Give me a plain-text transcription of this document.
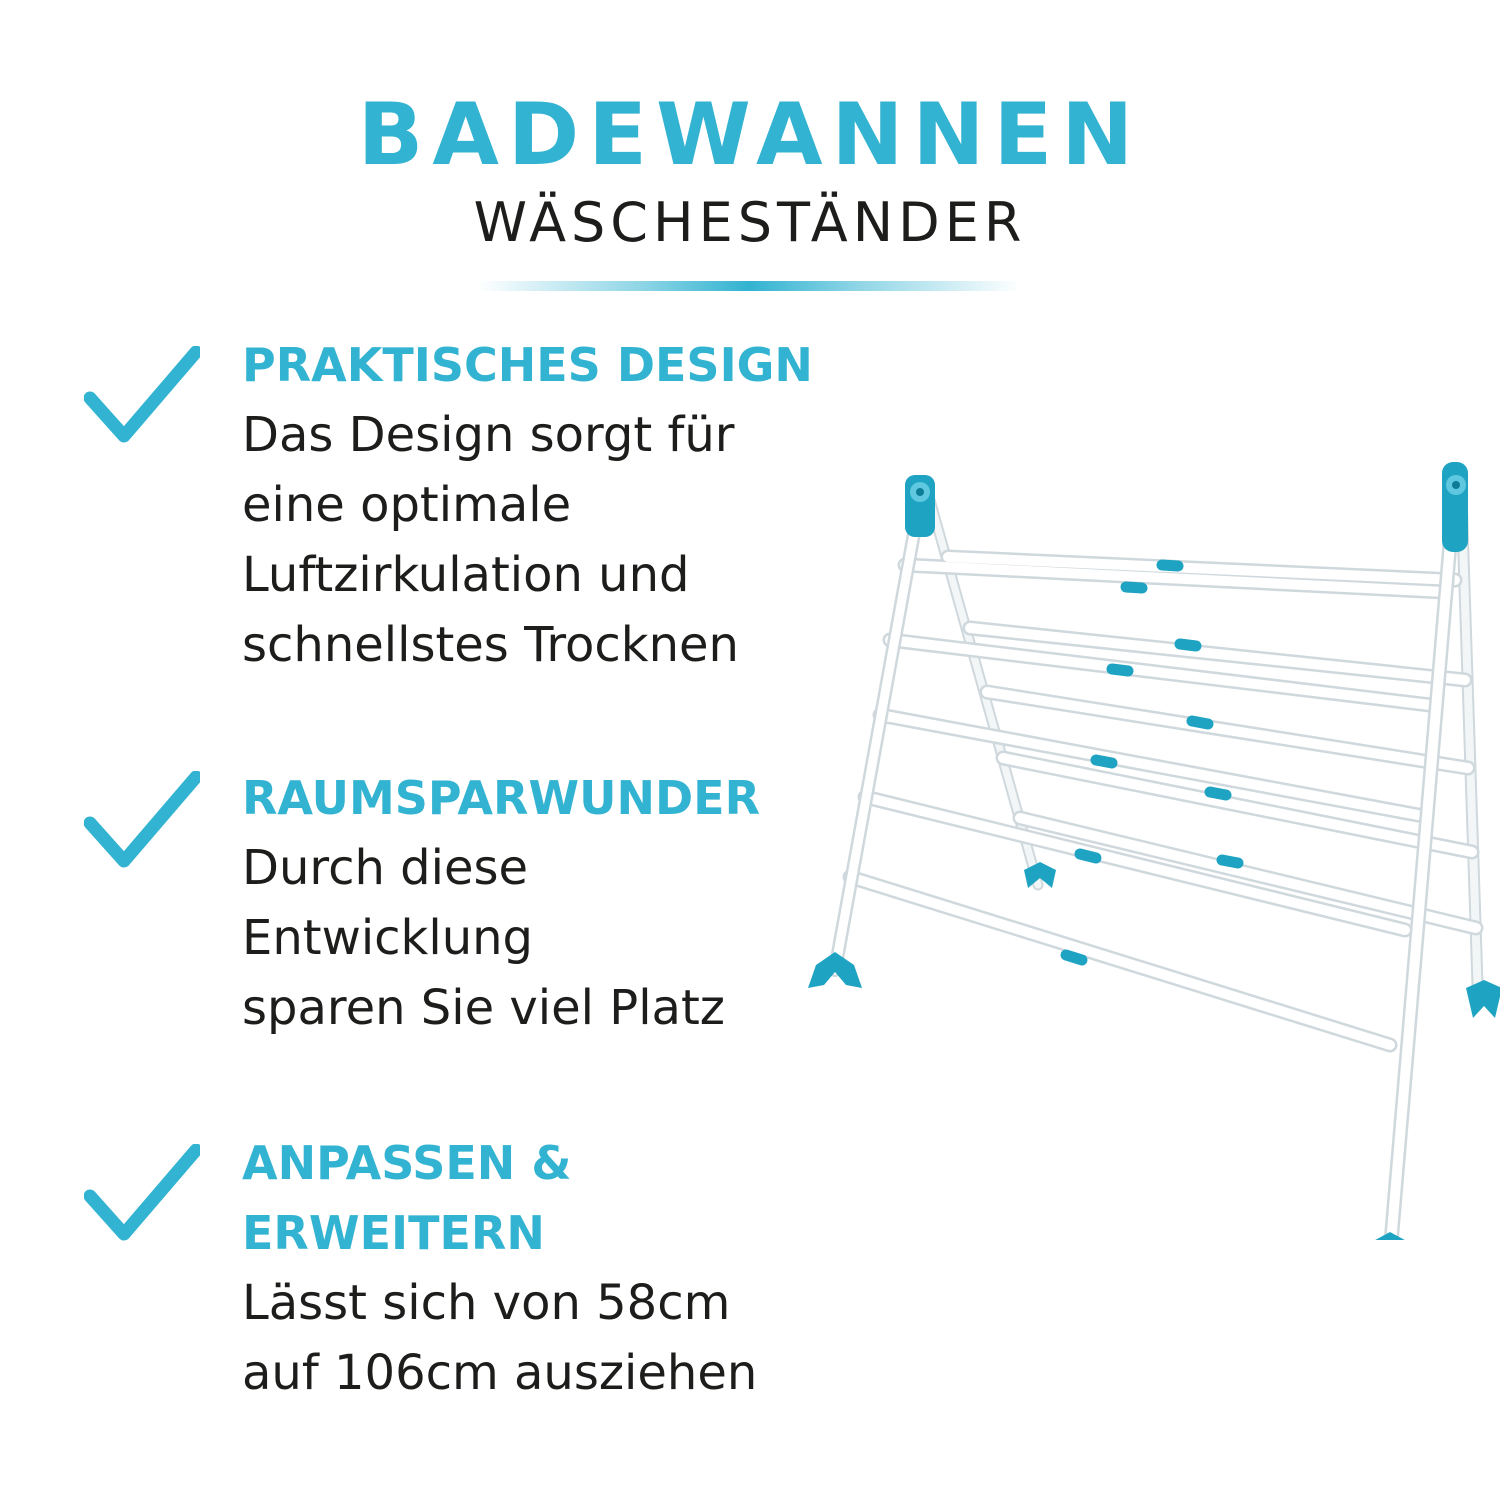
BADEWANNEN
WÄSCHESTÄNDER
PRAKTISCHES DESIGN
Das Design sorgt für
eine optimale
Luftzirkulation und
schnellstes Trocknen
RAUMSPARWUNDER
Durch diese
Entwicklung
sparen Sie viel Platz
ANPASSEN &
ERWEITERN
Lässt sich von 58cm
auf 106cm ausziehen
